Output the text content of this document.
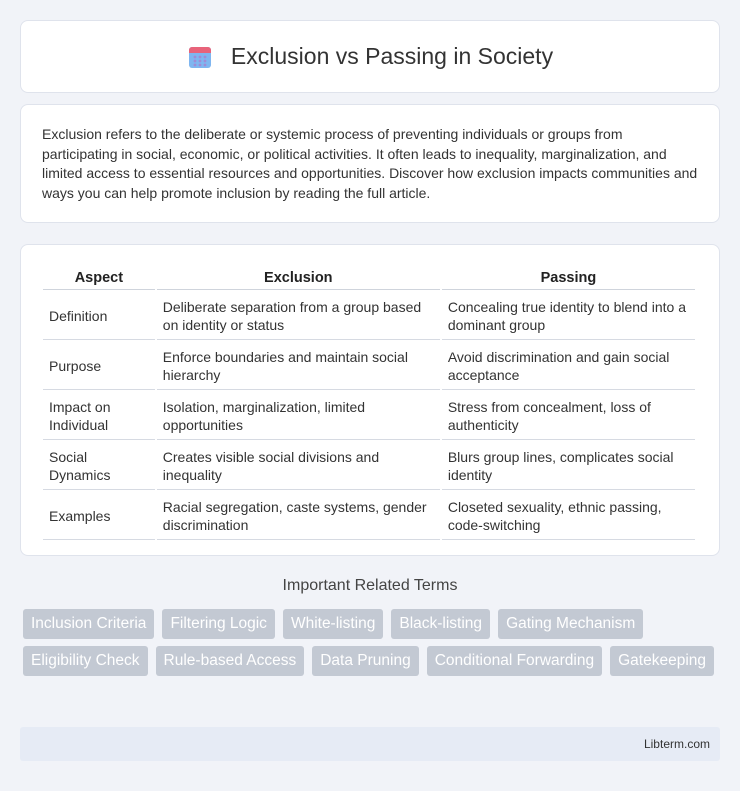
Exclusion vs Passing in Society

Exclusion refers to the deliberate or systemic process of preventing individuals or groups from participating in social, economic, or political activities. It often leads to inequality, marginalization, and limited access to essential resources and opportunities. Discover how exclusion impacts communities and ways you can help promote inclusion by reading the full article.

Aspect	Exclusion	Passing
Definition	Deliberate separation from a group based on identity or status	Concealing true identity to blend into a dominant group
Purpose	Enforce boundaries and maintain social hierarchy	Avoid discrimination and gain social acceptance
Impact on Individual	Isolation, marginalization, limited opportunities	Stress from concealment, loss of authenticity
Social Dynamics	Creates visible social divisions and inequality	Blurs group lines, complicates social identity
Examples	Racial segregation, caste systems, gender discrimination	Closeted sexuality, ethnic passing, code-switching
Important Related Terms
Inclusion Criteria	Filtering Logic	White-listing	Black-listing	Gating Mechanism
Eligibility Check	Rule-based Access	Data Pruning	Conditional Forwarding	Gatekeeping
Libterm.com
